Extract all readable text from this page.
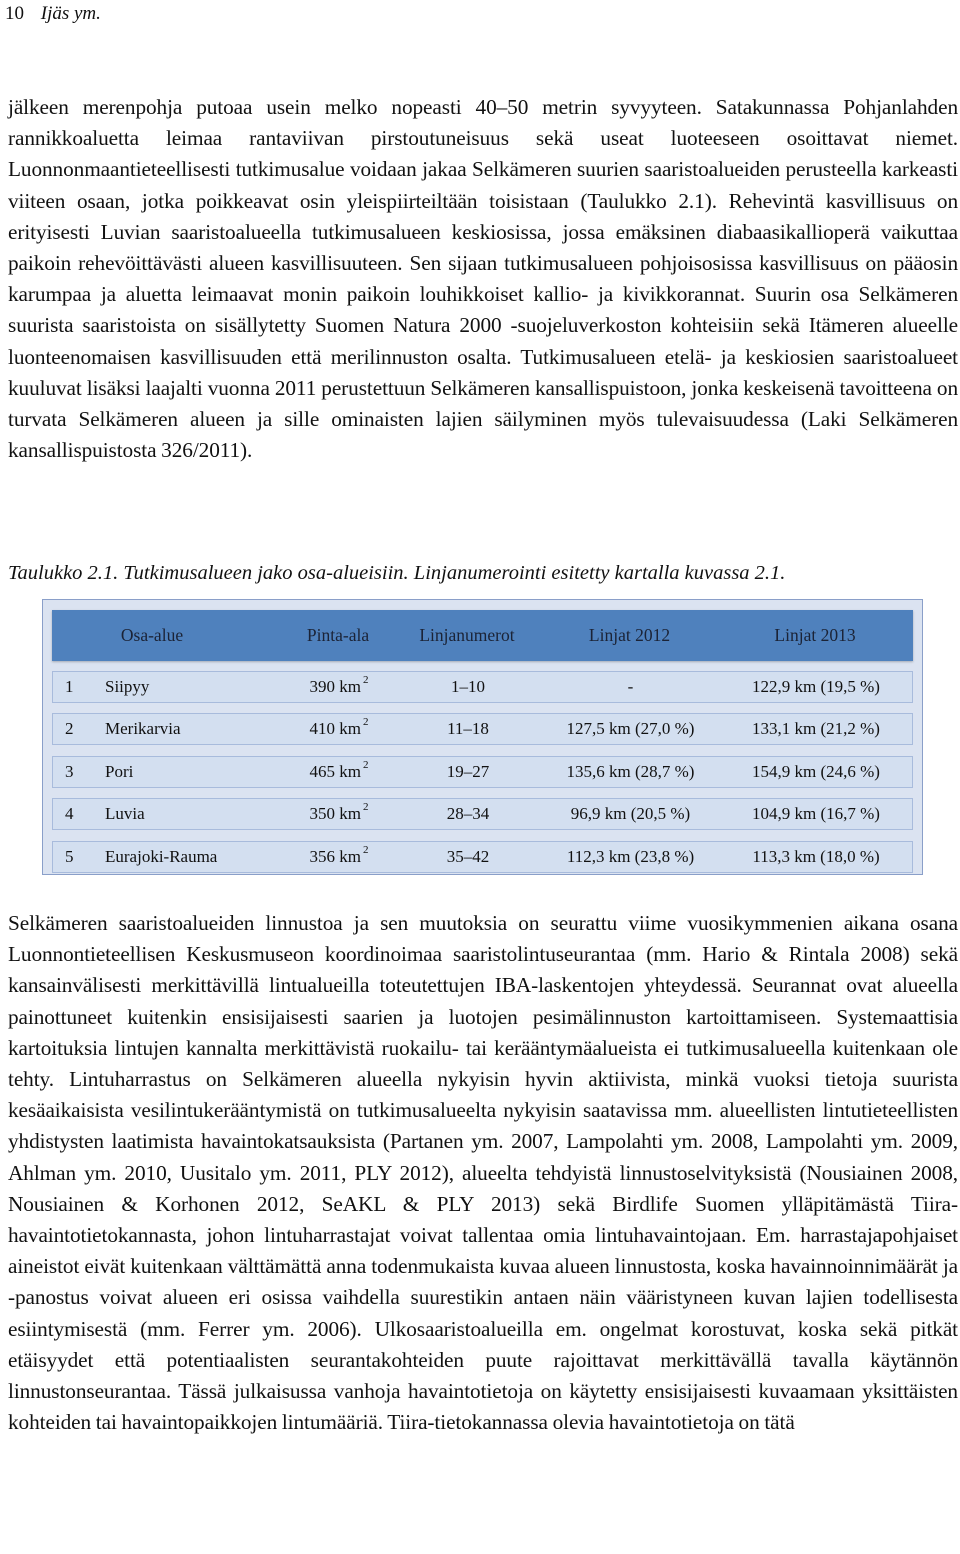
10 Ijäs ym.
jälkeen merenpohja putoaa usein melko nopeasti 40–50 metrin syvyyteen. Satakunnassa Pohjanlahden rannikkoaluetta leimaa rantaviivan pirstoutuneisuus sekä useat luoteeseen osoittavat niemet. Luonnonmaantieteellisesti tutkimusalue voidaan jakaa Selkämeren suurien saaristoalueiden perusteella karkeasti viiteen osaan, jotka poikkeavat osin yleispiirteiltään toisistaan (Taulukko 2.1). Rehevintä kasvillisuus on erityisesti Luvian saaristoalueella tutkimusalueen keskiosissa, jossa emäksinen diabaasikallioperä vaikuttaa paikoin rehevöittävästi alueen kasvillisuuteen. Sen sijaan tutkimusalueen pohjoisosissa kasvillisuus on pääosin karumpaa ja aluetta leimaavat monin paikoin louhikkoiset kallio- ja kivikkorannat. Suurin osa Selkämeren suurista saaristoista on sisällytetty Suomen Natura 2000 -suojeluverkoston kohteisiin sekä Itämeren alueelle luonteenomaisen kasvillisuuden että merilinnuston osalta. Tutkimusalueen etelä- ja keskiosien saaristoalueet kuuluvat lisäksi laajalti vuonna 2011 perustettuun Selkämeren kansallispuistoon, jonka keskeisenä tavoitteena on turvata Selkämeren alueen ja sille ominaisten lajien säilyminen myös tulevaisuudessa (Laki Selkämeren kansallispuistosta 326/2011).
Taulukko 2.1. Tutkimusalueen jako osa-alueisiin. Linjanumerointi esitetty kartalla kuvassa 2.1.
Osa-alue	Pinta-ala	Linjanumerot	Linjat 2012	Linjat 2013
1	Siipyy	390 $km^2$	1–10	-	122,9 km (19,5 %)
2	Merikarvia	410 $km^2$	11–18	127,5 km (27,0 %)	133,1 km (21,2 %)
3	Pori	465 $km^2$	19–27	135,6 km (28,7 %)	154,9 km (24,6 %)
4	Luvia	350 $km^2$	28–34	96,9 km (20,5 %)	104,9 km (16,7 %)
5	Eurajoki-Rauma	356 $km^2$	35–42	112,3 km (23,8 %)	113,3 km (18,0 %)
Selkämeren saaristoalueiden linnustoa ja sen muutoksia on seurattu viime vuosikymmenien aikana osana Luonnontieteellisen Keskusmuseon koordinoimaa saaristolintuseurantaa (mm. Hario & Rintala 2008) sekä kansainvälisesti merkittävillä lintualueilla toteutettujen IBA-laskentojen yhteydessä. Seurannat ovat alueella painottuneet kuitenkin ensisijaisesti saarien ja luotojen pesimälinnuston kartoittamiseen. Systemaattisia kartoituksia lintujen kannalta merkittävistä ruokailu- tai kerääntymäalueista ei tutkimusalueella kuitenkaan ole tehty. Lintuharrastus on Selkämeren alueella nykyisin hyvin aktiivista, minkä vuoksi tietoja suurista kesäaikaisista vesilintukerääntymistä on tutkimusalueelta nykyisin saatavissa mm. alueellisten lintutieteellisten yhdistysten laatimista havaintokatsauksista (Partanen ym. 2007, Lampolahti ym. 2008, Lampolahti ym. 2009, Ahlman ym. 2010, Uusitalo ym. 2011, PLY 2012), alueelta tehdyistä linnustoselvityksistä (Nousiainen 2008, Nousiainen & Korhonen 2012, SeAKL & PLY 2013) sekä Birdlife Suomen ylläpitämästä Tiira-havaintotietokannasta, johon lintuharrastajat voivat tallentaa omia lintuhavaintojaan. Em. harrastajapohjaiset aineistot eivät kuitenkaan välttämättä anna todenmukaista kuvaa alueen linnustosta, koska havainnoinnimäärät ja -panostus voivat alueen eri osissa vaihdella suurestikin antaen näin vääristyneen kuvan lajien todellisesta esiintymisestä (mm. Ferrer ym. 2006). Ulkosaaristoalueilla em. ongelmat korostuvat, koska sekä pitkät etäisyydet että potentiaalisten seurantakohteiden puute rajoittavat merkittävällä tavalla käytännön linnustonseurantaa. Tässä julkaisussa vanhoja havaintotietoja on käytetty ensisijaisesti kuvaamaan yksittäisten kohteiden tai havaintopaikkojen lintumääriä. Tiira-tietokannassa olevia havaintotietoja on tätä
